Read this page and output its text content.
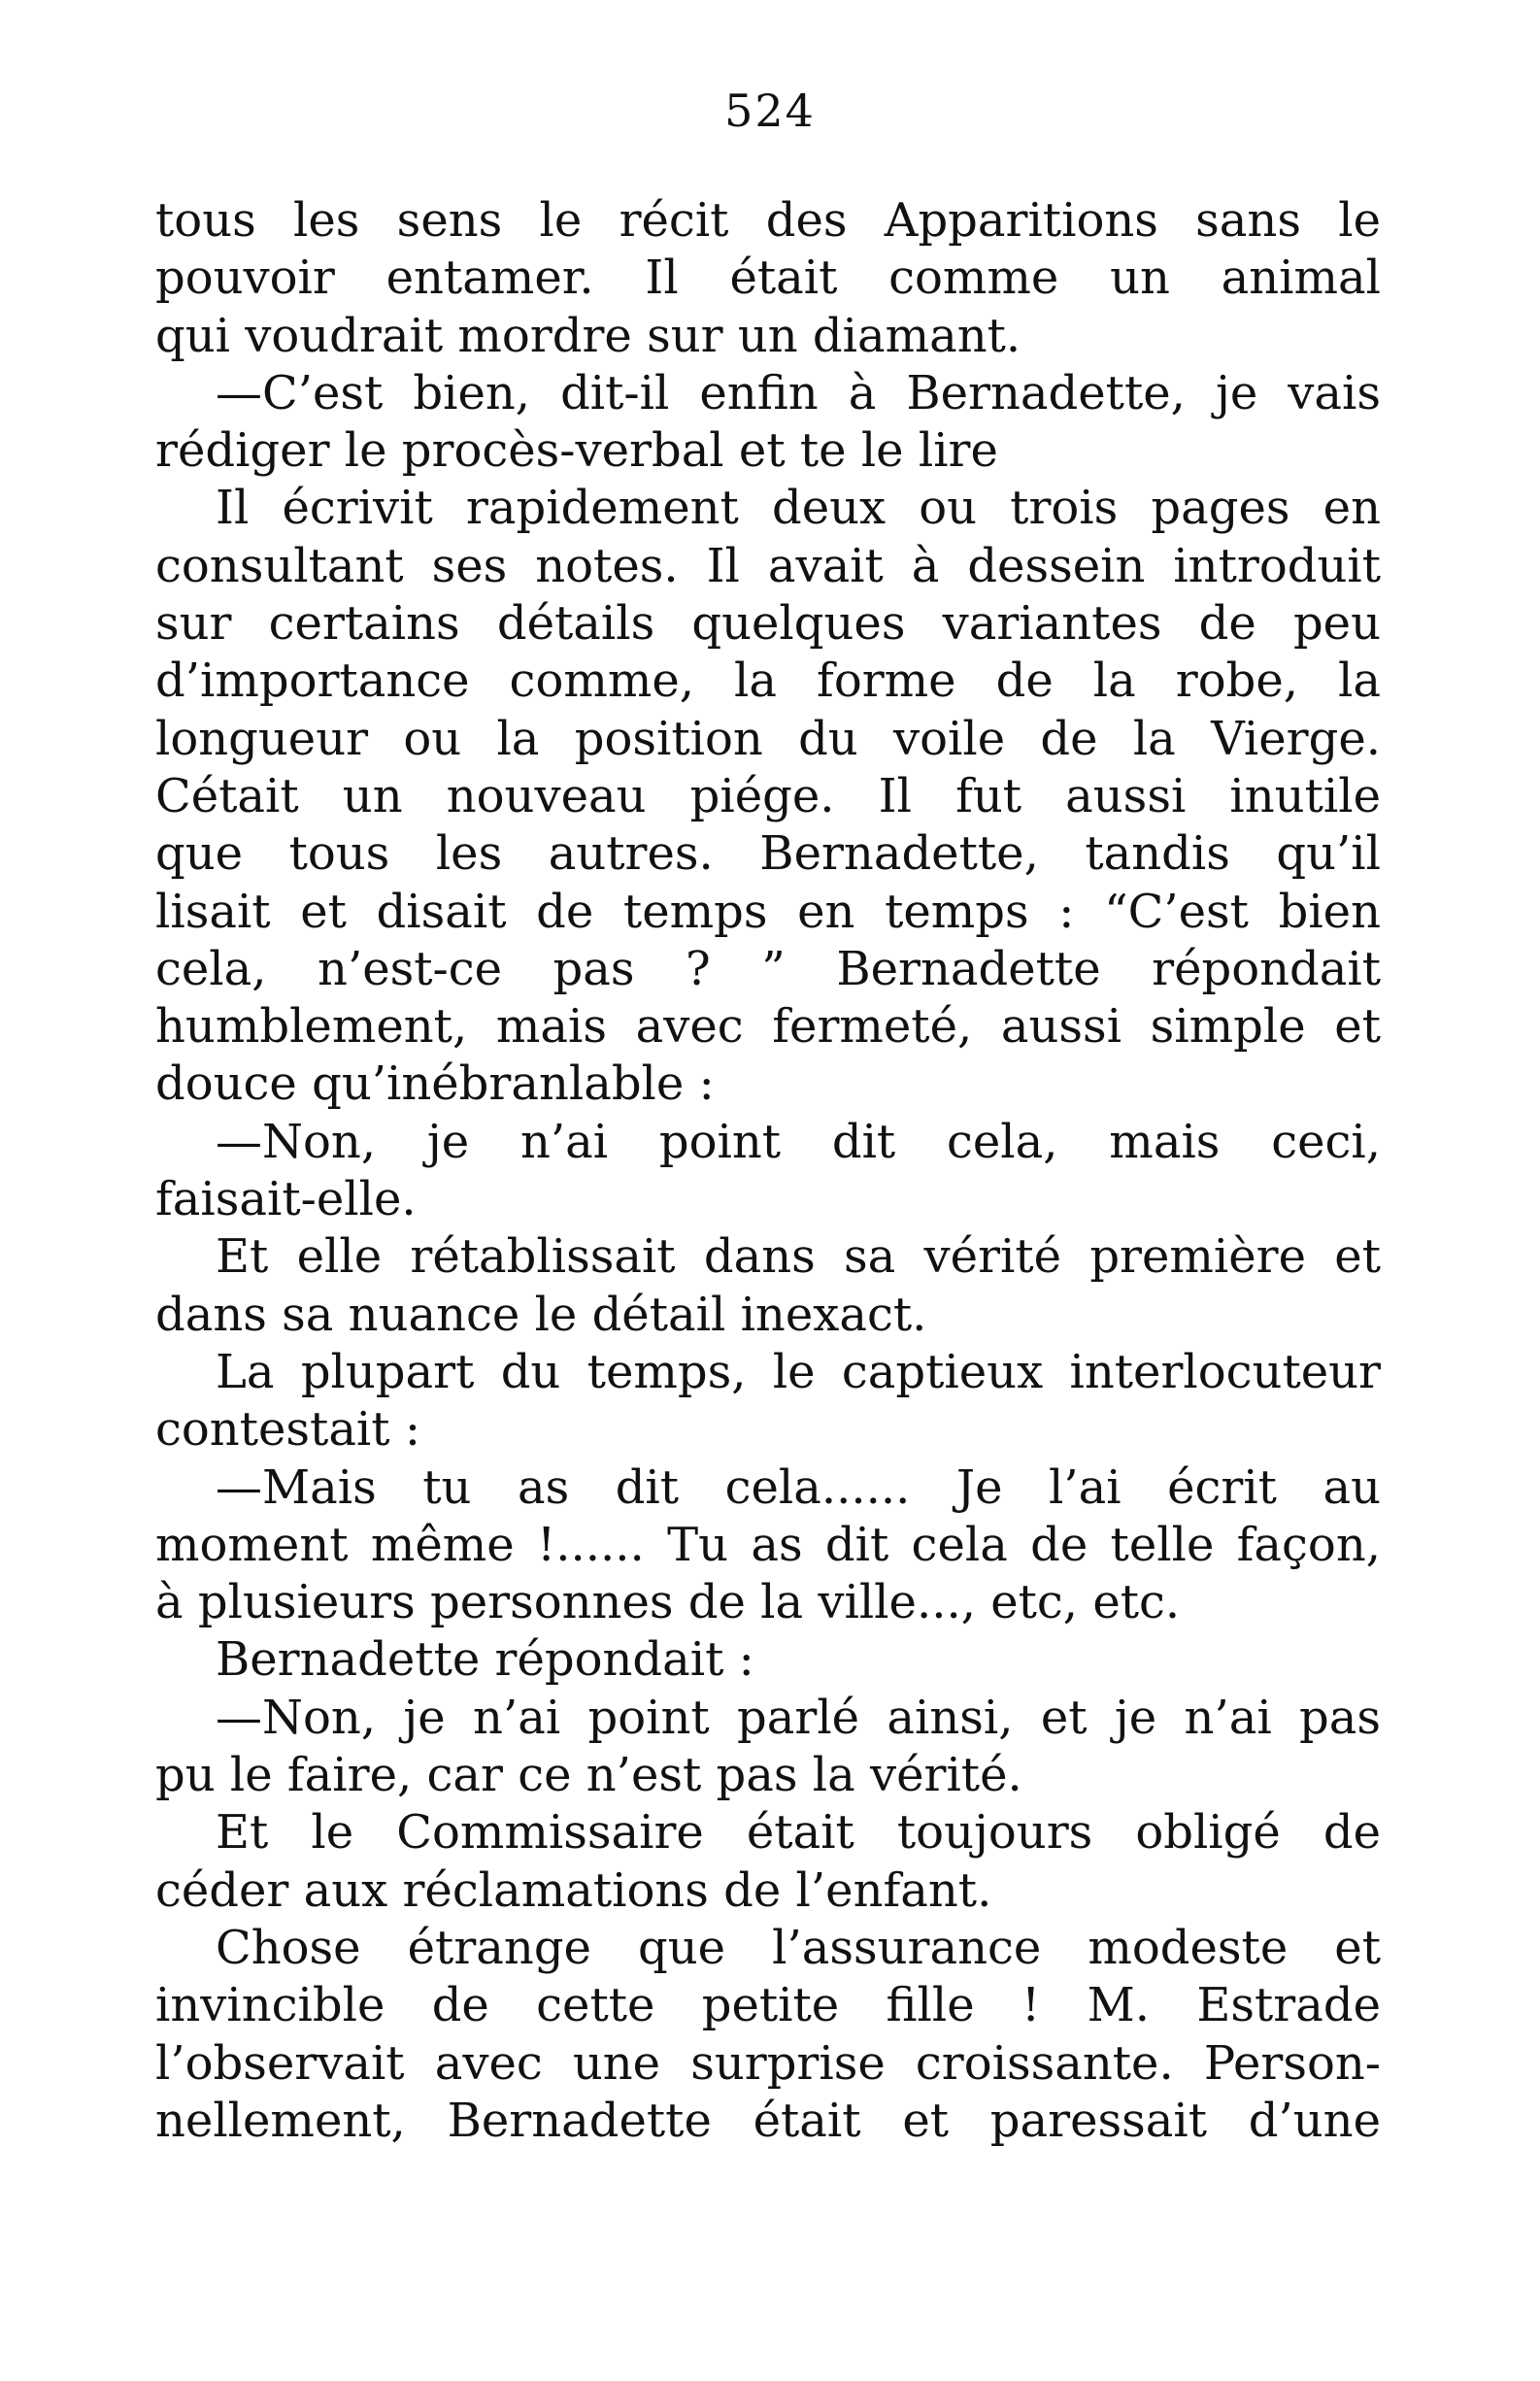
524
tous les sens le récit des Apparitions sans le
pouvoir entamer. Il était comme un animal
qui voudrait mordre sur un diamant.
—C’est bien, dit-il enfin à Bernadette, je vais
rédiger le procès-verbal et te le lire
Il écrivit rapidement deux ou trois pages en
consultant ses notes. Il avait à dessein introduit
sur certains détails quelques variantes de peu
d’importance comme, la forme de la robe, la
longueur ou la position du voile de la Vierge.
Cétait un nouveau piége. Il fut aussi inutile
que tous les autres. Bernadette, tandis qu’il
lisait et disait de temps en temps : “C’est bien
cela, n’est-ce pas ? ” Bernadette répondait
humblement, mais avec fermeté, aussi simple et
douce qu’inébranlable :
—Non, je n’ai point dit cela, mais ceci,
faisait-elle.
Et elle rétablissait dans sa vérité première et
dans sa nuance le détail inexact.
La plupart du temps, le captieux interlocuteur
contestait :
—Mais tu as dit cela...... Je l’ai écrit au
moment même !...... Tu as dit cela de telle façon,
à plusieurs personnes de la ville..., etc, etc.
Bernadette répondait :
—Non, je n’ai point parlé ainsi, et je n’ai pas
pu le faire, car ce n’est pas la vérité.
Et le Commissaire était toujours obligé de
céder aux réclamations de l’enfant.
Chose étrange que l’assurance modeste et
invincible de cette petite fille ! M. Estrade
l’observait avec une surprise croissante. Person-
nellement, Bernadette était et paressait d’une
